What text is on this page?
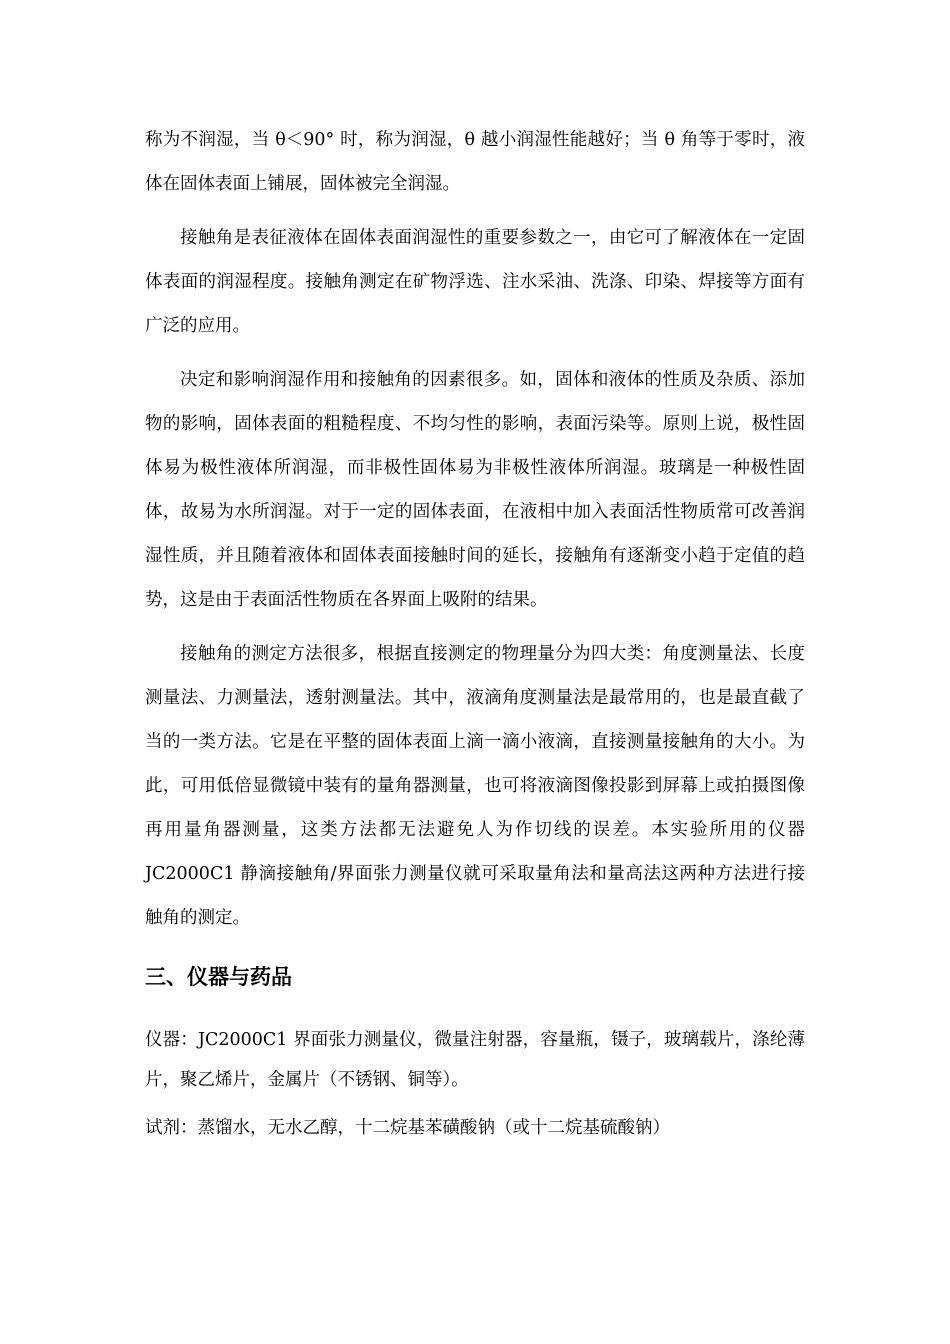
称为不润湿，当 θ＜90° 时，称为润湿，θ 越小润湿性能越好；当 θ 角等于零时，液体在固体表面上铺展，固体被完全润湿。

接触角是表征液体在固体表面润湿性的重要参数之一，由它可了解液体在一定固体表面的润湿程度。接触角测定在矿物浮选、注水采油、洗涤、印染、焊接等方面有广泛的应用。

决定和影响润湿作用和接触角的因素很多。如，固体和液体的性质及杂质、添加物的影响，固体表面的粗糙程度、不均匀性的影响，表面污染等。原则上说，极性固体易为极性液体所润湿，而非极性固体易为非极性液体所润湿。玻璃是一种极性固体，故易为水所润湿。对于一定的固体表面，在液相中加入表面活性物质常可改善润湿性质，并且随着液体和固体表面接触时间的延长，接触角有逐渐变小趋于定值的趋势，这是由于表面活性物质在各界面上吸附的结果。

接触角的测定方法很多，根据直接测定的物理量分为四大类：角度测量法、长度测量法、力测量法，透射测量法。其中，液滴角度测量法是最常用的，也是最直截了当的一类方法。它是在平整的固体表面上滴一滴小液滴，直接测量接触角的大小。为此，可用低倍显微镜中装有的量角器测量，也可将液滴图像投影到屏幕上或拍摄图像再用量角器测量，这类方法都无法避免人为作切线的误差。本实验所用的仪器 JC2000C1 静滴接触角/界面张力测量仪就可采取量角法和量高法这两种方法进行接触角的测定。

三、仪器与药品

仪器：JC2000C1 界面张力测量仪，微量注射器，容量瓶，镊子，玻璃载片，涤纶薄片，聚乙烯片，金属片（不锈钢、铜等）。

试剂：蒸馏水，无水乙醇，十二烷基苯磺酸钠（或十二烷基硫酸钠）
